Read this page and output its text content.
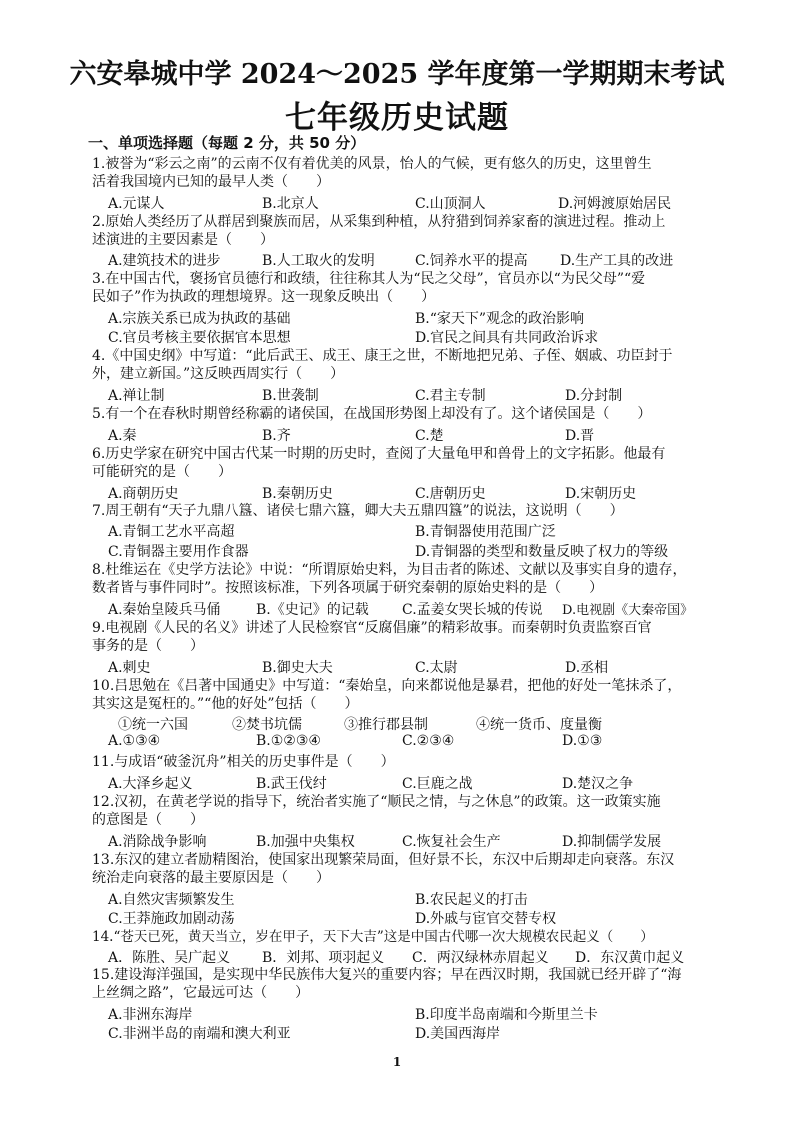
六安皋城中学 2024～2025 学年度第一学期期末考试
七年级历史试题
一、单项选择题（每题 2 分，共 50 分）
1.被誉为“彩云之南”的云南不仅有着优美的风景，怡人的气候，更有悠久的历史，这里曾生
活着我国境内已知的最早人类（　　）
A.元谋人	B.北京人	C.山顶洞人	D.河姆渡原始居民
2.原始人类经历了从群居到聚族而居，从采集到种植，从狩猎到饲养家畜的演进过程。推动上
述演进的主要因素是（　　）
A.建筑技术的进步	B.人工取火的发明	C.饲养水平的提高 D.生产工具的改进
3.在中国古代，褒扬官员德行和政绩，往往称其人为“民之父母”，官员亦以“为民父母”“爱
民如子”作为执政的理想境界。这一现象反映出（　　）
A.宗族关系已成为执政的基础	B.“家天下”观念的政治影响
C.官员考核主要依据官本思想	D.官民之间具有共同政治诉求
4.《中国史纲》中写道：“此后武王、成王、康王之世，不断地把兄弟、子侄、姻戚、功臣封于
外，建立新国。”这反映西周实行（　　）
A.禅让制	B.世袭制	C.君主专制	D.分封制
5.有一个在春秋时期曾经称霸的诸侯国，在战国形势图上却没有了。这个诸侯国是（　　）
A.秦	B.齐	C.楚	D.晋
6.历史学家在研究中国古代某一时期的历史时，查阅了大量龟甲和兽骨上的文字拓影。他最有
可能研究的是（　　）
A.商朝历史	B.秦朝历史	C.唐朝历史	D.宋朝历史
7.周王朝有“天子九鼎八簋、诸侯七鼎六簋，卿大夫五鼎四簋”的说法，这说明（　　）
A.青铜工艺水平高超	B.青铜器使用范围广泛
C.青铜器主要用作食器	D.青铜器的类型和数量反映了权力的等级
8.杜维运在《史学方法论》中说：“所谓原始史料，为目击者的陈述、文献以及事实自身的遗存，
数者皆与事件同时”。按照该标准，下列各项属于研究秦朝的原始史料的是（　　）
A.秦始皇陵兵马俑	B.《史记》的记载 C.孟姜女哭长城的传说 D.电视剧《大秦帝国》
9.电视剧《人民的名义》讲述了人民检察官“反腐倡廉”的精彩故事。而秦朝时负责监察百官
事务的是（　　）
A.刺史	B.御史大夫	C.太尉	D.丞相
10.吕思勉在《吕著中国通史》中写道：“秦始皇，向来都说他是暴君，把他的好处一笔抹杀了，
其实这是冤枉的。”“他的好处”包括（　　）
①统一六国	②焚书坑儒	③推行郡县制	④统一货币、度量衡
A.①③④	B.①②③④	C.②③④	D.①③
11.与成语“破釜沉舟”相关的历史事件是（　　）
A.大泽乡起义	B.武王伐纣	C.巨鹿之战	D.楚汉之争
12.汉初，在黄老学说的指导下，统治者实施了“顺民之情，与之休息”的政策。这一政策实施
的意图是（　　）
A.消除战争影响	B.加强中央集权	C.恢复社会生产	D.抑制儒学发展
13.东汉的建立者励精图治，使国家出现繁荣局面，但好景不长，东汉中后期却走向衰落。东汉
统治走向衰落的最主要原因是（　　）
A.自然灾害频繁发生	B.农民起义的打击
C.王莽施政加剧动荡	D.外戚与宦官交替专权
14.“苍天已死，黄天当立，岁在甲子，天下大吉”这是中国古代哪一次大规模农民起义（　　）
A．陈胜、吴广起义 B．刘邦、项羽起义 C．两汉绿林赤眉起义 D．东汉黄巾起义
15.建设海洋强国，是实现中华民族伟大复兴的重要内容；早在西汉时期，我国就已经开辟了“海
上丝绸之路”，它最远可达（　　）
A.非洲东海岸	B.印度半岛南端和今斯里兰卡
C.非洲半岛的南端和澳大利亚	D.美国西海岸
1
